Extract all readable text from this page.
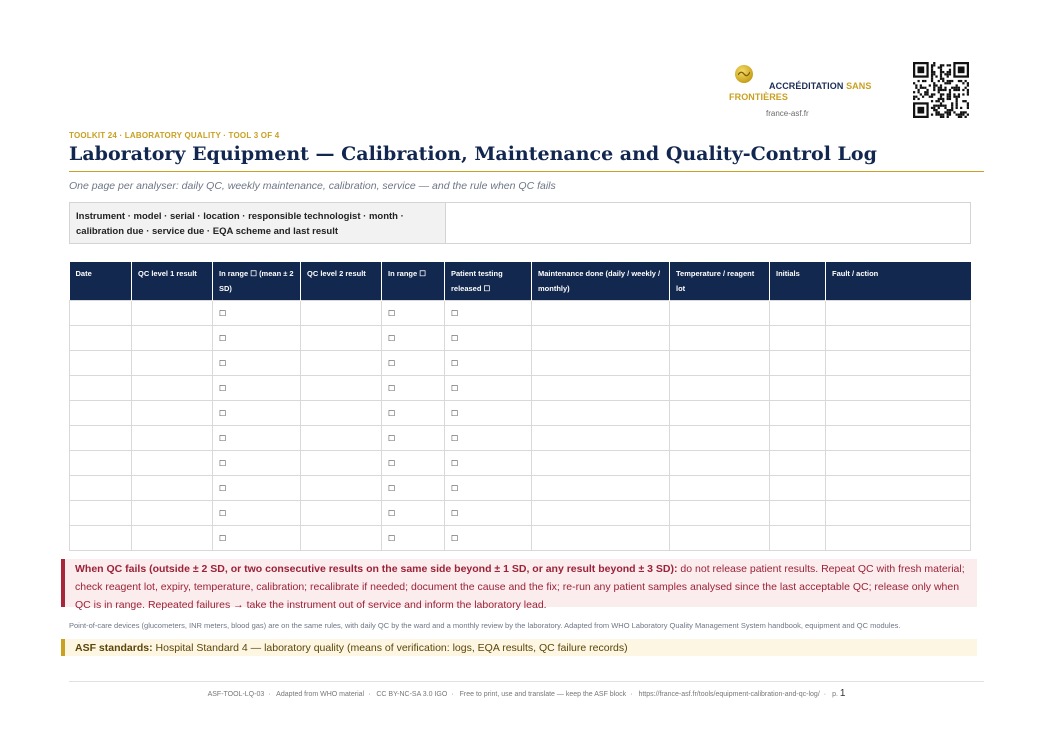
ACCRÉDITATION SANS
FRONTIÈRES
france-asf.fr
TOOLKIT 24 · LABORATORY QUALITY · TOOL 3 OF 4
Laboratory Equipment — Calibration, Maintenance and Quality-Control Log
One page per analyser: daily QC, weekly maintenance, calibration, service — and the rule when QC fails
Instrument · model · serial · location · responsible technologist · month ·
calibration due · service due · EQA scheme and last result
Date	QC level 1 result	In range ☐ (mean ± 2 SD)	QC level 2 result	In range ☐	Patient testing released ☐	Maintenance done (daily / weekly / monthly)	Temperature / reagent lot	Initials	Fault / action
		☐		☐	☐				
		☐		☐	☐				
		☐		☐	☐				
		☐		☐	☐				
		☐		☐	☐				
		☐		☐	☐				
		☐		☐	☐				
		☐		☐	☐				
		☐		☐	☐				
		☐		☐	☐				
When QC fails (outside ± 2 SD, or two consecutive results on the same side beyond ± 1 SD, or any result beyond ± 3 SD): do not release patient results. Repeat QC with fresh material; check reagent lot, expiry, temperature, calibration; recalibrate if needed; document the cause and the fix; re-run any patient samples analysed since the last acceptable QC; release only when QC is in range. Repeated failures → take the instrument out of service and inform the laboratory lead.
Point-of-care devices (glucometers, INR meters, blood gas) are on the same rules, with daily QC by the ward and a monthly review by the laboratory. Adapted from WHO Laboratory Quality Management System handbook, equipment and QC modules.
ASF standards: Hospital Standard 4 — laboratory quality (means of verification: logs, EQA results, QC failure records)
ASF-TOOL-LQ-03 · Adapted from WHO material · CC BY-NC-SA 3.0 IGO · Free to print, use and translate — keep the ASF block · https://france-asf.fr/tools/equipment-calibration-and-qc-log/ · p. 1
